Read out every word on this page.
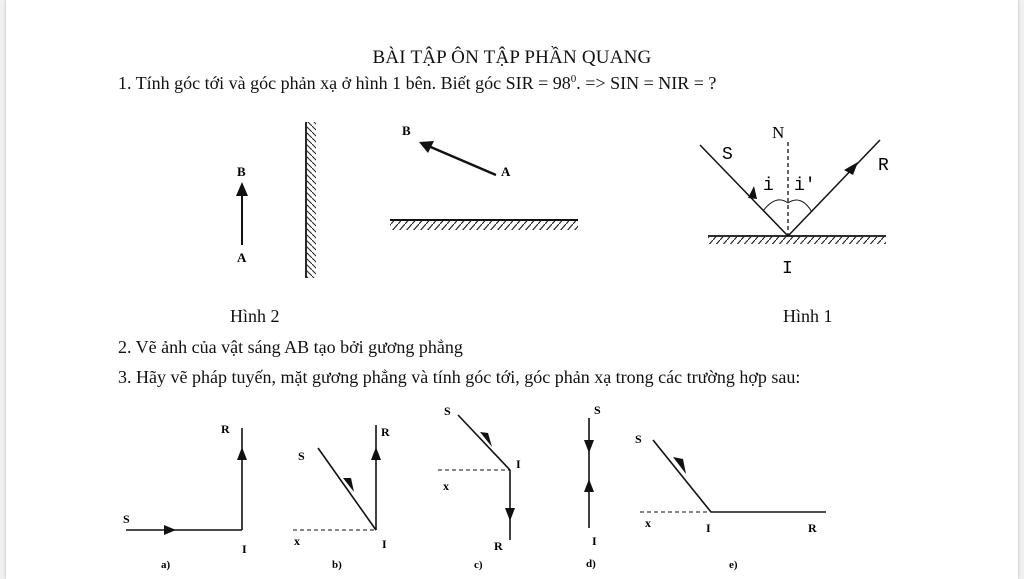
BÀI TẬP ÔN TẬP PHẦN QUANG
1. Tính góc tới và góc phản xạ ở hình 1 bên. Biết góc SIR = $98^0$. => SIN = NIR = ?
Hình 2	Hình 1
2. Vẽ ảnh của vật sáng AB tạo bởi gương phẳng
3. Hãy vẽ pháp tuyến, mặt gương phẳng và tính góc tới, góc phản xạ trong các trường hợp sau:
B
A
B
A
N
S
R
i i'
I
R
S
I
a)
S
R
x	I
b)
S
I
x
R
c)
S
I
d)
S
x	I	R
e)
